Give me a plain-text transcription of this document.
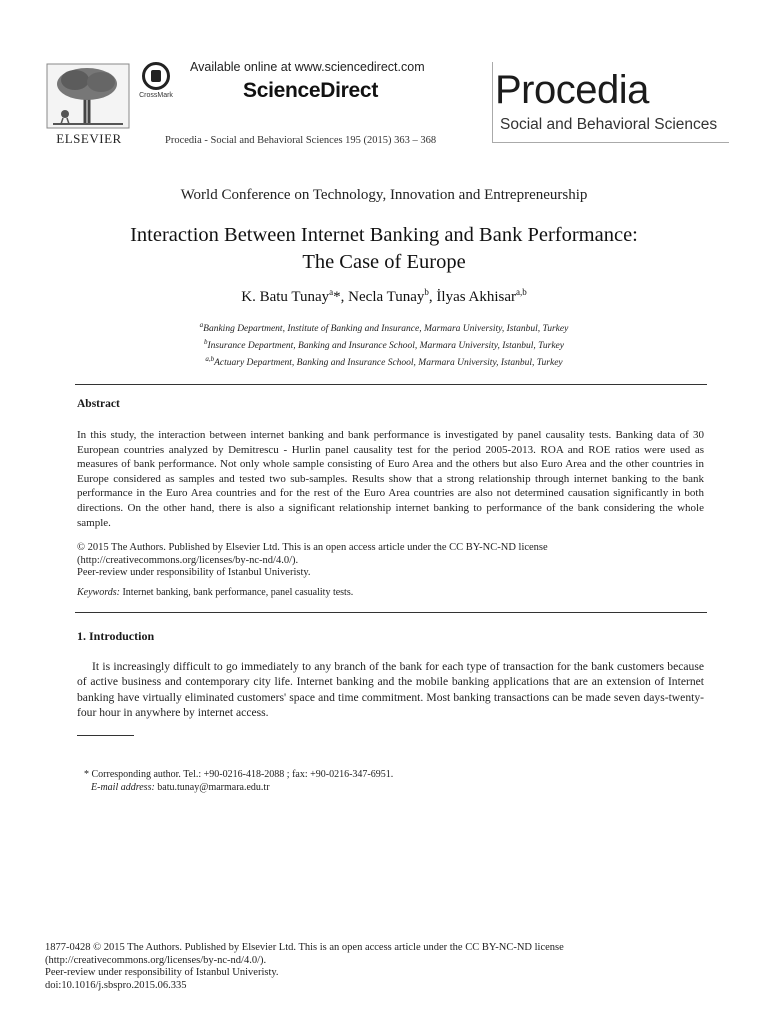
ELSEVIER
CrossMark
Available online at www.sciencedirect.com
ScienceDirect
Procedia - Social and Behavioral Sciences 195 (2015) 363 – 368
Procedia
Social and Behavioral Sciences
World Conference on Technology, Innovation and Entrepreneurship
Interaction Between Internet Banking and Bank Performance:
The Case of Europe
K. Batu Tunay$^a$*, Necla Tunay$^b$, İlyas Akhisar$^{a,b}$
$^a$Banking Department, Institute of Banking and Insurance, Marmara University, Istanbul, Turkey
$^b$Insurance Department, Banking and Insurance School, Marmara University, Istanbul, Turkey
$^{a,b}$Actuary Department, Banking and Insurance School, Marmara University, Istanbul, Turkey
Abstract
In this study, the interaction between internet banking and bank performance is investigated by panel causality tests. Banking data of 30 European countries analyzed by Demitrescu - Hurlin panel causality test for the period 2005-2013. ROA and ROE ratios were used as measures of bank performance. Not only whole sample consisting of Euro Area and the others but also Euro Area and the other countries in Europe considered as samples and tested two sub-samples. Results show that a strong relationship through internet banking to the bank performance in the Euro Area countries and for the rest of the Euro Area countries are also not determined causation significantly in both directions. On the other hand, there is also a significant relationship internet banking to performance of the bank considering the whole sample.
© 2015 The Authors. Published by Elsevier Ltd. This is an open access article under the CC BY-NC-ND license
(http://creativecommons.org/licenses/by-nc-nd/4.0/).
Peer-review under responsibility of Istanbul Univeristy.
Keywords: Internet banking, bank performance, panel casuality tests.
1. Introduction
It is increasingly difficult to go immediately to any branch of the bank for each type of transaction for the bank customers because of active business and contemporary city life. Internet banking and the mobile banking applications that are an extension of Internet banking have virtually eliminated customers' space and time commitment. Most banking transactions can be made seven days-twenty-four hour in anywhere by internet access.
* Corresponding author. Tel.: +90-0216-418-2088 ; fax: +90-0216-347-6951.
E-mail address: batu.tunay@marmara.edu.tr
1877-0428 © 2015 The Authors. Published by Elsevier Ltd. This is an open access article under the CC BY-NC-ND license
(http://creativecommons.org/licenses/by-nc-nd/4.0/).
Peer-review under responsibility of Istanbul Univeristy.
doi:10.1016/j.sbspro.2015.06.335
